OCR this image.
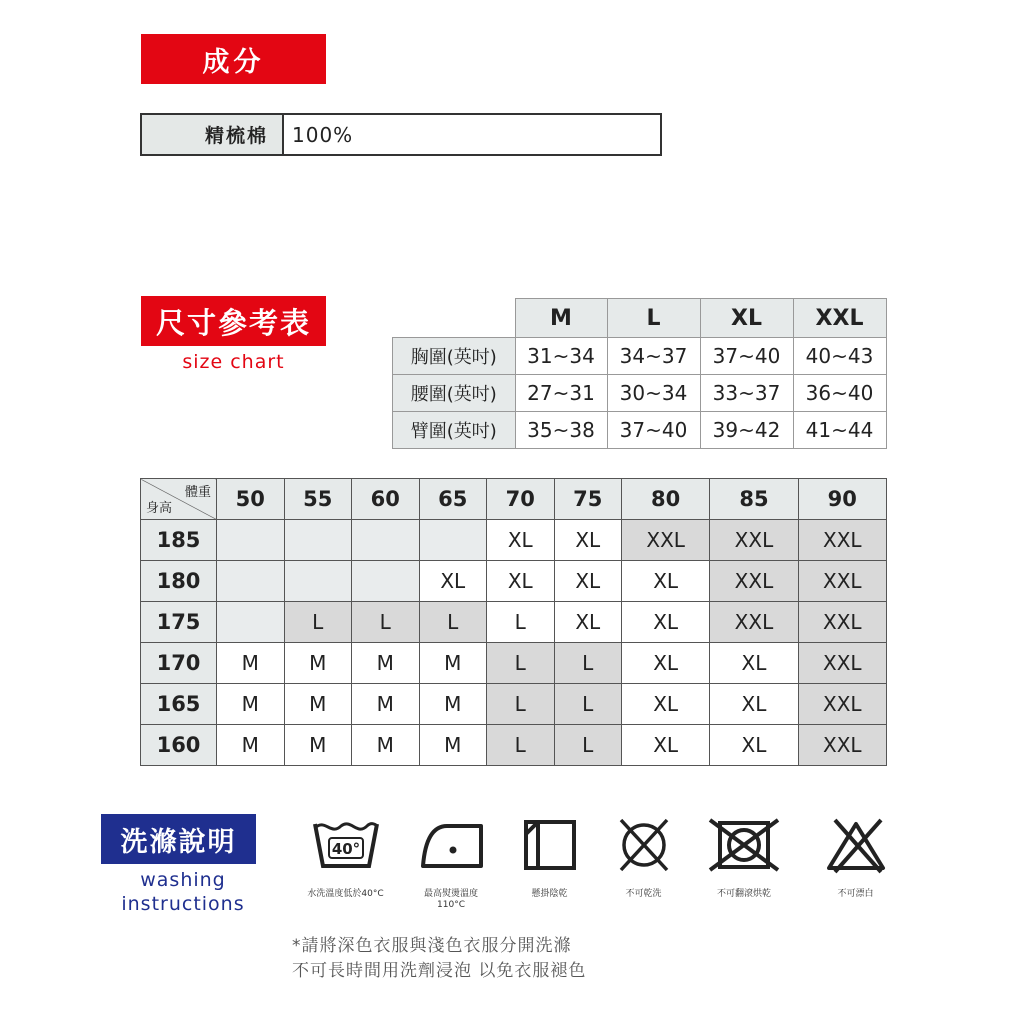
成分
精梳棉	100%
尺寸參考表
size chart
	M	L	XL	XXL
胸圍(英吋)	31~34	34~37	37~40	40~43
腰圍(英吋)	27~31	30~34	33~37	36~40
臂圍(英吋)	35~38	37~40	39~42	41~44
體重
身高	50	55	60	65	70	75	80	85	90
185					XL	XL	XXL	XXL	XXL
180				XL	XL	XL	XL	XXL	XXL
175		L	L	L	L	XL	XL	XXL	XXL
170	M	M	M	M	L	L	XL	XL	XXL
165	M	M	M	M	L	L	XL	XL	XXL
160	M	M	M	M	L	L	XL	XL	XXL
洗滌說明
washing
instructions
40°
水洗溫度低於40°C	最高熨燙溫度
110°C
懸掛陰乾	不可乾洗	不可翻滾烘乾	不可漂白
*請將深色衣服與淺色衣服分開洗滌
不可長時間用洗劑浸泡 以免衣服褪色
